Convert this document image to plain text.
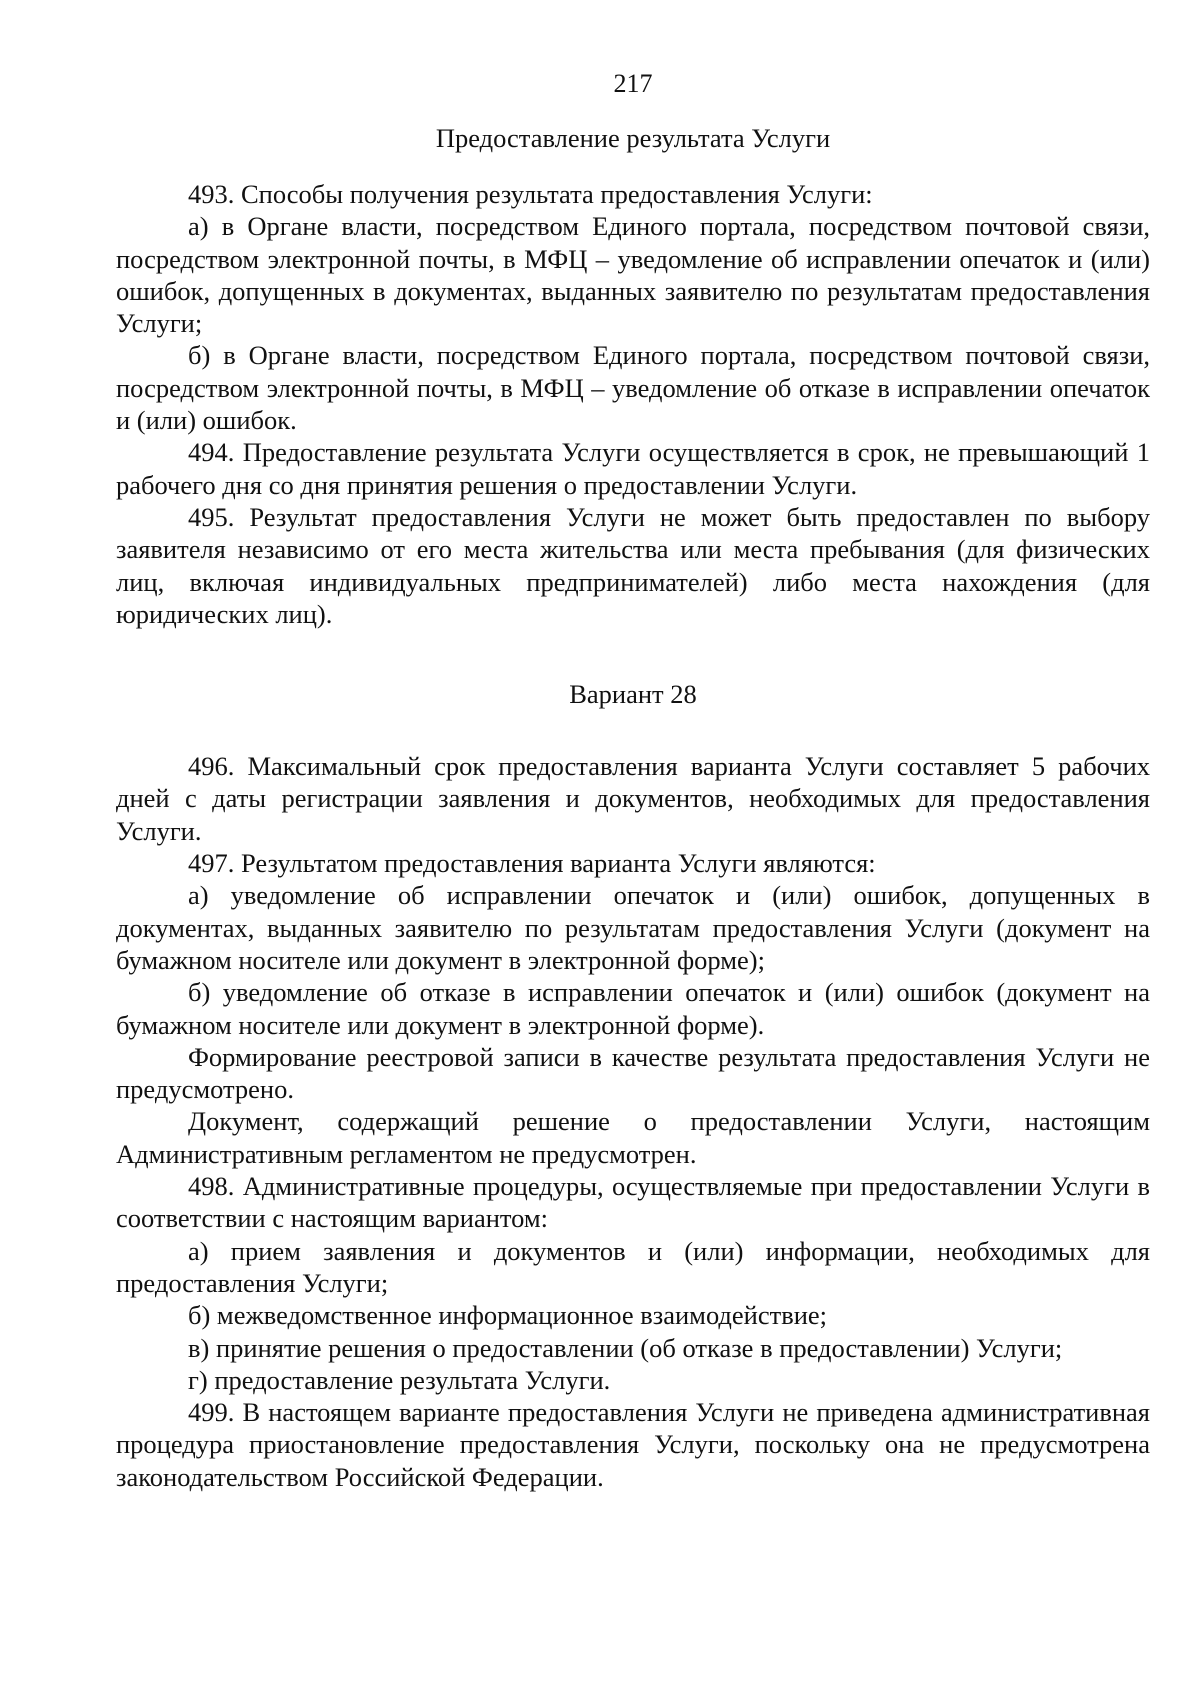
217
Предоставление результата Услуги

493. Способы получения результата предоставления Услуги:

а) в Органе власти, посредством Единого портала, посредством почтовой связи, посредством электронной почты, в МФЦ – уведомление об исправлении опечаток и (или) ошибок, допущенных в документах, выданных заявителю по результатам предоставления Услуги;

б) в Органе власти, посредством Единого портала, посредством почтовой связи, посредством электронной почты, в МФЦ – уведомление об отказе в исправлении опечаток и (или) ошибок.

494. Предоставление результата Услуги осуществляется в срок, не превышающий 1 рабочего дня со дня принятия решения о предоставлении Услуги.

495. Результат предоставления Услуги не может быть предоставлен по выбору заявителя независимо от его места жительства или места пребывания (для физических лиц, включая индивидуальных предпринимателей) либо места нахождения (для юридических лиц).

Вариант 28

496. Максимальный срок предоставления варианта Услуги составляет 5 рабочих дней с даты регистрации заявления и документов, необходимых для предоставления Услуги.

497. Результатом предоставления варианта Услуги являются:

а) уведомление об исправлении опечаток и (или) ошибок, допущенных в документах, выданных заявителю по результатам предоставления Услуги (документ на бумажном носителе или документ в электронной форме);

б) уведомление об отказе в исправлении опечаток и (или) ошибок (документ на бумажном носителе или документ в электронной форме).

Формирование реестровой записи в качестве результата предоставления Услуги не предусмотрено.

Документ, содержащий решение о предоставлении Услуги, настоящим Административным регламентом не предусмотрен.

498. Административные процедуры, осуществляемые при предоставлении Услуги в соответствии с настоящим вариантом:

а) прием заявления и документов и (или) информации, необходимых для предоставления Услуги;

б) межведомственное информационное взаимодействие;

в) принятие решения о предоставлении (об отказе в предоставлении) Услуги;

г) предоставление результата Услуги.

499. В настоящем варианте предоставления Услуги не приведена административная процедура приостановление предоставления Услуги, поскольку она не предусмотрена законодательством Российской Федерации.
